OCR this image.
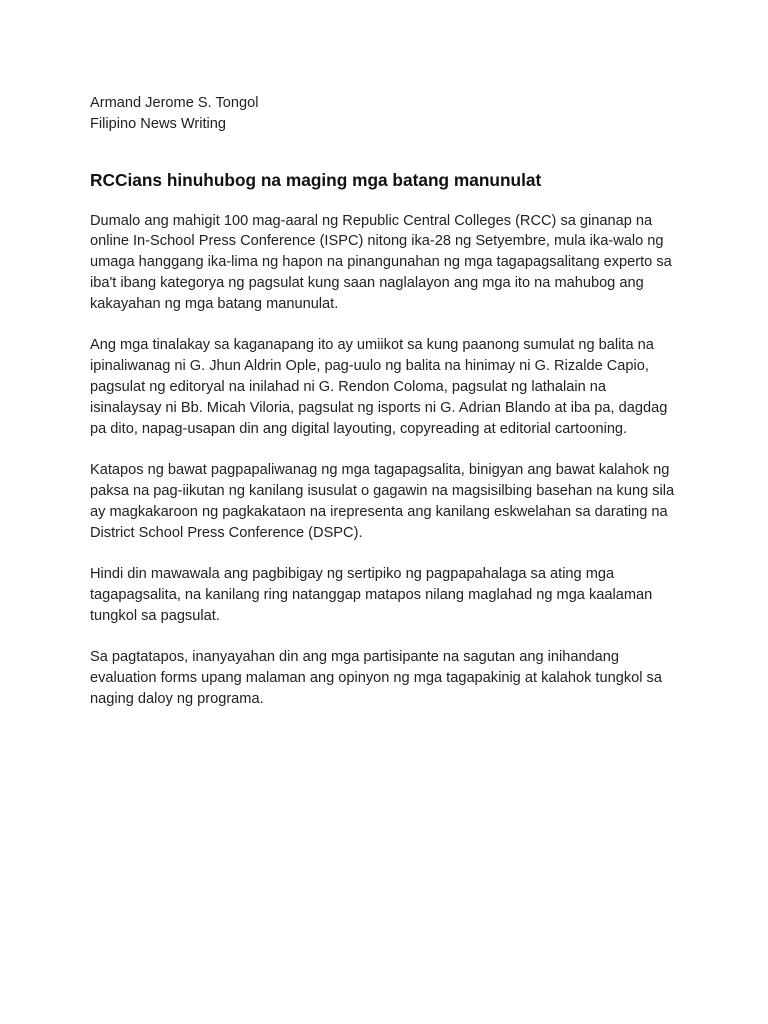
Armand Jerome S. Tongol
Filipino News Writing
RCCians hinuhubog na maging mga batang manunulat

Dumalo ang mahigit 100 mag-aaral ng Republic Central Colleges (RCC) sa ginanap na online In-School Press Conference (ISPC) nitong ika-28 ng Setyembre, mula ika-walo ng umaga hanggang ika-lima ng hapon na pinangunahan ng mga tagapagsalitang experto sa iba't ibang kategorya ng pagsulat kung saan naglalayon ang mga ito na mahubog ang kakayahan ng mga batang manunulat.

Ang mga tinalakay sa kaganapang ito ay umiikot sa kung paanong sumulat ng balita na ipinaliwanag ni G. Jhun Aldrin Ople, pag-uulo ng balita na hinimay ni G. Rizalde Capio, pagsulat ng editoryal na inilahad ni G. Rendon Coloma, pagsulat ng lathalain na isinalaysay ni Bb. Micah Viloria, pagsulat ng isports ni G. Adrian Blando at iba pa, dagdag pa dito, napag-usapan din ang digital layouting, copyreading at editorial cartooning.

Katapos ng bawat pagpapaliwanag ng mga tagapagsalita, binigyan ang bawat kalahok ng paksa na pag-iikutan ng kanilang isusulat o gagawin na magsisilbing basehan na kung sila ay magkakaroon ng pagkakataon na irepresenta ang kanilang eskwelahan sa darating na District School Press Conference (DSPC).

Hindi din mawawala ang pagbibigay ng sertipiko ng pagpapahalaga sa ating mga tagapagsalita, na kanilang ring natanggap matapos nilang maglahad ng mga kaalaman tungkol sa pagsulat.

Sa pagtatapos, inanyayahan din ang mga partisipante na sagutan ang inihandang evaluation forms upang malaman ang opinyon ng mga tagapakinig at kalahok tungkol sa naging daloy ng programa.
